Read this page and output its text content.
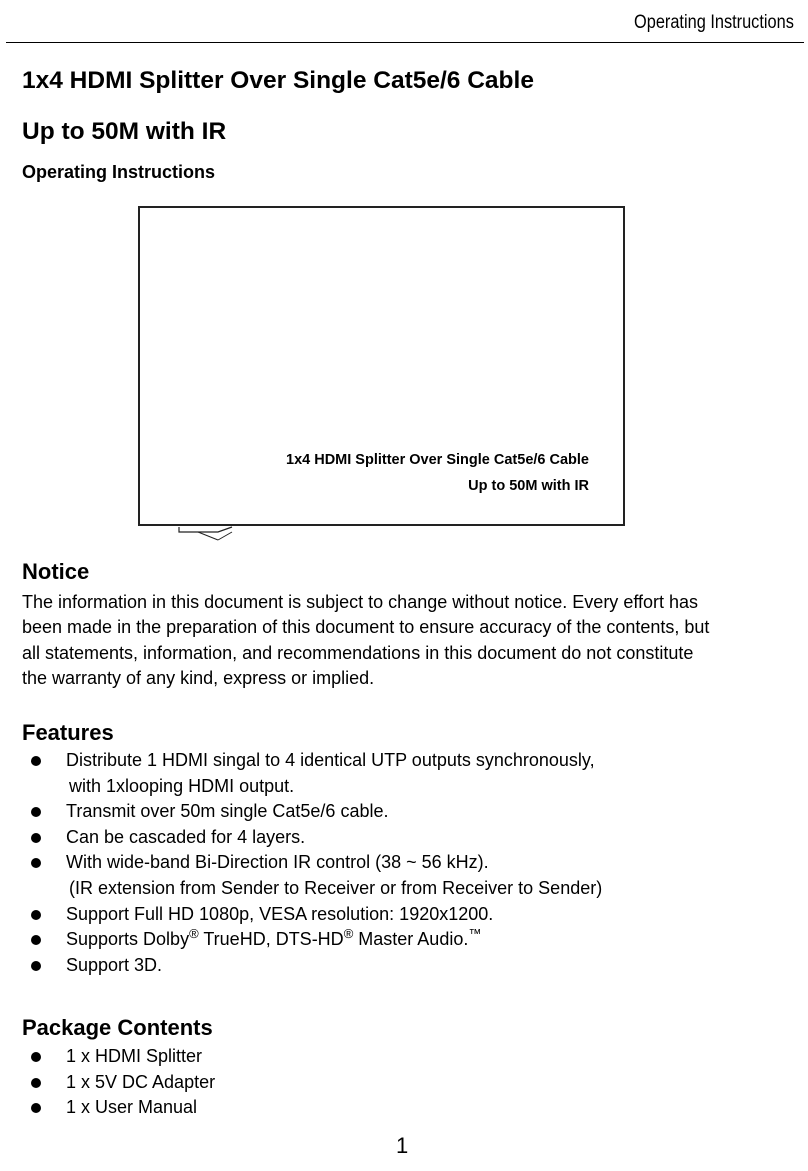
Operating Instructions
1x4 HDMI Splitter Over Single Cat5e/6 Cable
Up to 50M with IR
Operating Instructions
1x4 HDMI Splitter Over Single Cat5e/6 Cable
Up to 50M with IR
Notice

The information in this document is subject to change without notice. Every effort has
been made in the preparation of this document to ensure accuracy of the contents, but
all statements, information, and recommendations in this document do not constitute
the warranty of any kind, express or implied.

Features
Distribute 1 HDMI singal to 4 identical UTP outputs synchronously,
with 1xlooping HDMI output.
Transmit over 50m single Cat5e/6 cable.
Can be cascaded for 4 layers.
With wide-band Bi-Direction IR control (38 ~ 56 kHz).
(IR extension from Sender to Receiver or from Receiver to Sender)
Support Full HD 1080p, VESA resolution: 1920x1200.
Supports Dolby® TrueHD, DTS-HD® Master Audio.™
Support 3D.
Package Contents
1 x HDMI Splitter
1 x 5V DC Adapter
1 x User Manual
1
